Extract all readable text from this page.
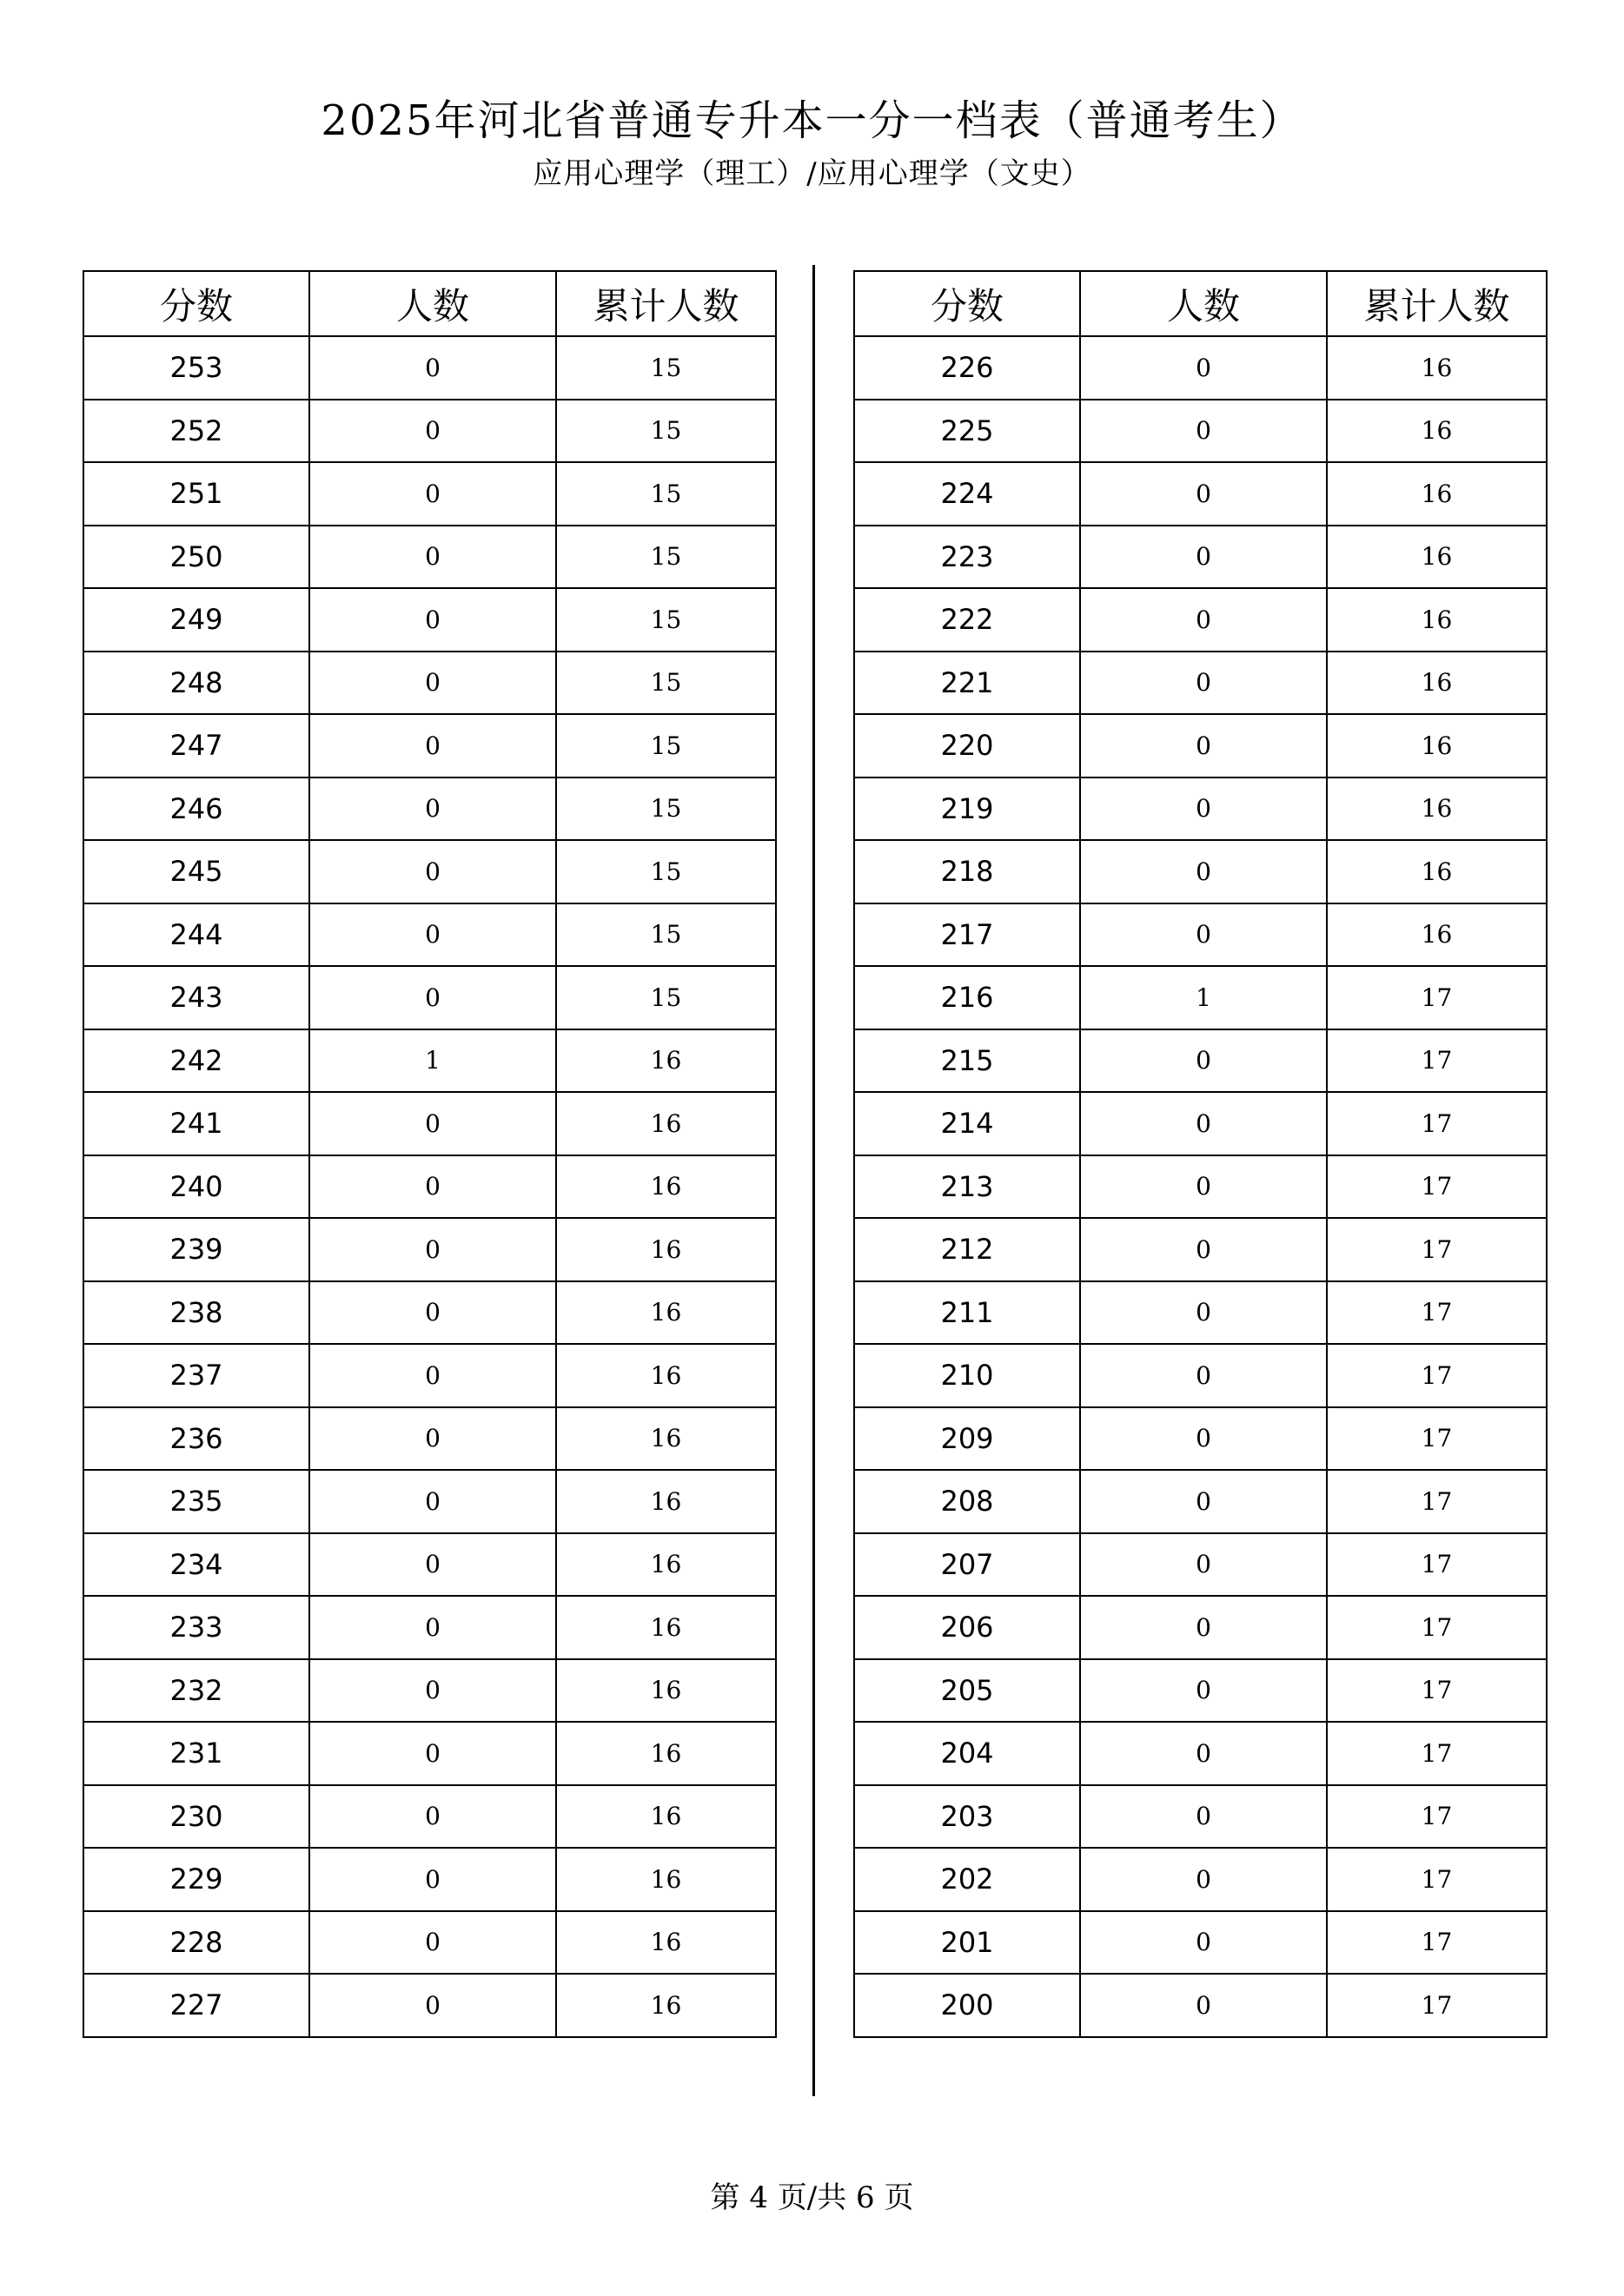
2025年河北省普通专升本一分一档表（普通考生）
应用心理学（理工）/应用心理学（文史）
分数	人数	累计人数
253	0	15
252	0	15
251	0	15
250	0	15
249	0	15
248	0	15
247	0	15
246	0	15
245	0	15
244	0	15
243	0	15
242	1	16
241	0	16
240	0	16
239	0	16
238	0	16
237	0	16
236	0	16
235	0	16
234	0	16
233	0	16
232	0	16
231	0	16
230	0	16
229	0	16
228	0	16
227	0	16
分数	人数	累计人数
226	0	16
225	0	16
224	0	16
223	0	16
222	0	16
221	0	16
220	0	16
219	0	16
218	0	16
217	0	16
216	1	17
215	0	17
214	0	17
213	0	17
212	0	17
211	0	17
210	0	17
209	0	17
208	0	17
207	0	17
206	0	17
205	0	17
204	0	17
203	0	17
202	0	17
201	0	17
200	0	17
第 4 页/共 6 页
